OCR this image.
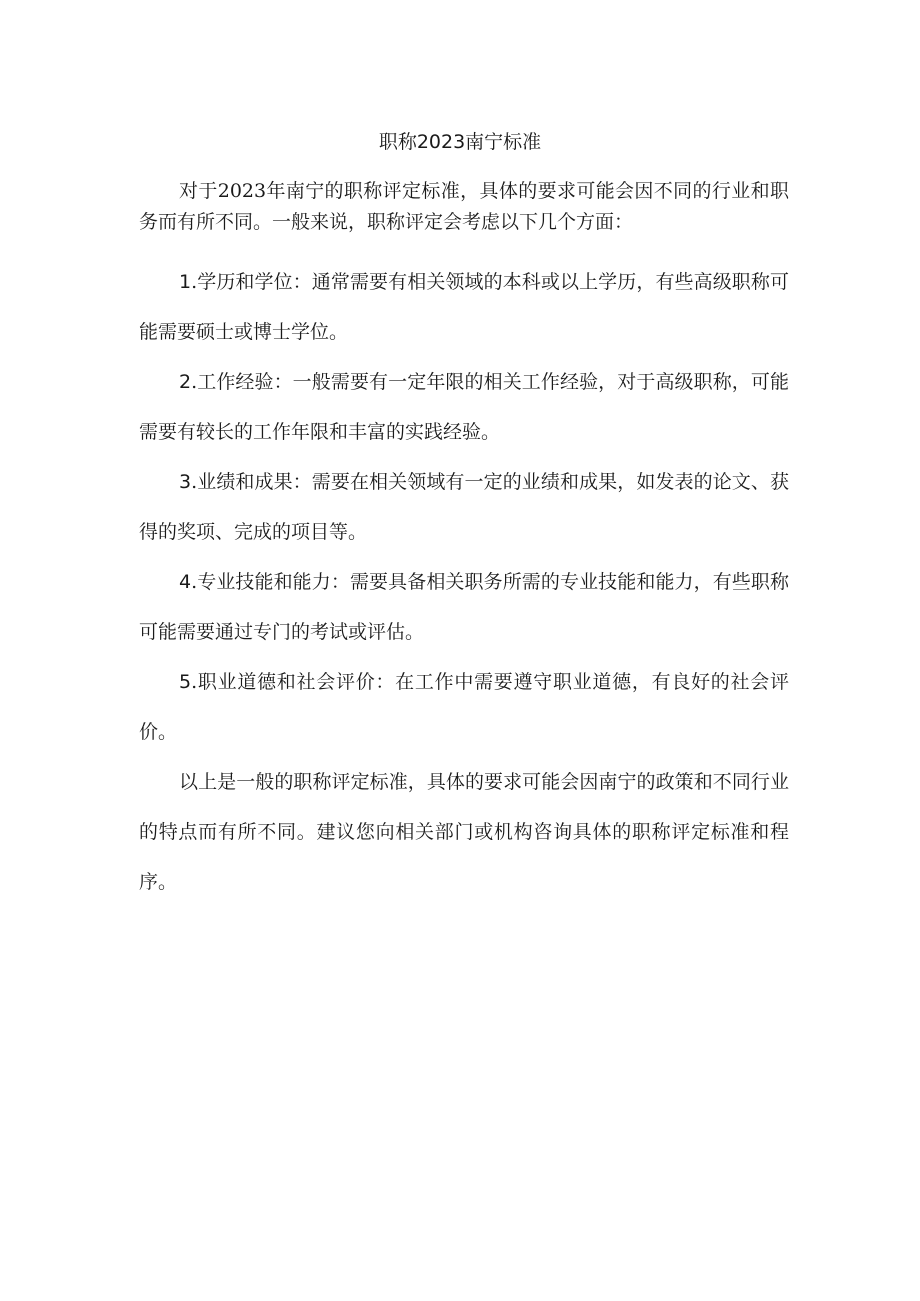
职称2023南宁标准

对于2023年南宁的职称评定标准，具体的要求可能会因不同的行业和职务而有所不同。一般来说，职称评定会考虑以下几个方面：

1.学历和学位：通常需要有相关领域的本科或以上学历，有些高级职称可能需要硕士或博士学位。

2.工作经验：一般需要有一定年限的相关工作经验，对于高级职称，可能需要有较长的工作年限和丰富的实践经验。

3.业绩和成果：需要在相关领域有一定的业绩和成果，如发表的论文、获得的奖项、完成的项目等。

4.专业技能和能力：需要具备相关职务所需的专业技能和能力，有些职称可能需要通过专门的考试或评估。

5.职业道德和社会评价：在工作中需要遵守职业道德，有良好的社会评价。

以上是一般的职称评定标准，具体的要求可能会因南宁的政策和不同行业的特点而有所不同。建议您向相关部门或机构咨询具体的职称评定标准和程序。
